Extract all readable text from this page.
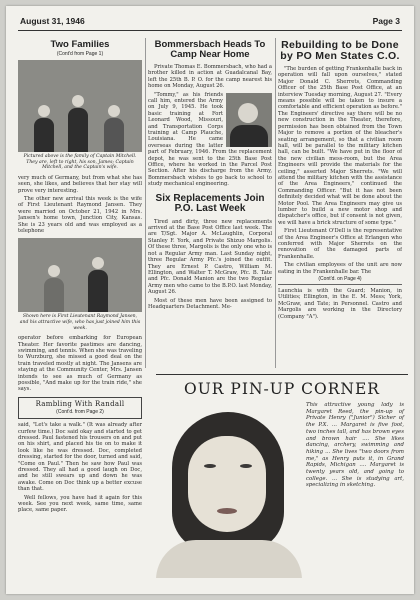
August 31, 1946	Page 3
Two Families
(Cont'd from Page 1)
Pictured above is the family of Captain Mitchell. They are, left to right, his son, James; Captain Mitchell, and the Captain's wife.

very much of Germany, but from what she has seen, she likes, and believes that her stay will prove very interesting.

The other new arrival this week is the wife of First Lieutenant Raymond Jansen. They were married on October 21, 1942 in Mrs. Jansen's home town, Junction City, Kansas. She is 23 years old and was employed as a telephone

Shown here is First Lieutenant Raymond Jansen, and his attractive wife, who has just joined him this week.

operator before embarking for European Theater. Her favorite pastimes are dancing, swimming, and tennis. When she was traveling to Wurzburg, she missed a good deal on the train traveled mostly at night. The Jansens are staying at the Community Center, Mrs. Jansen intends to see as much of Germany as possible, "And make up for the train ride," she says.

Rambling With Randall
(Cont'd. from Page 2)

said, "Let's take a walk." (It was already after curfew time.) Doc said okay and started to get dressed. Paul fastened his trousers on and put on his shirt, and placed his tie on to make it look like he was dressed. Doc, completed dressing, started for the door, turned and said, "Come on Paul." Then he saw how Paul was dressed. They all had a good laugh on Doc, and he still swears up and down he was awake. Come on Doc think up a better excuse than that.

Well fellows, you have had it again for this week. See you next week, same time, same place, same paper.

Bommersbach Heads To Camp Near Home

Private Thomas E. Bommersbach, who had a brother killed in action at Guadalcanal Bay, left the 25th B. P. O. for the camp nearest his home on Monday, August 26.

"Tommy," as his friends call him, entered the Army on July 9, 1945. He took basic training at Fort Leonard Wood, Missouri, and Transportation Corps training at Camp Plauche, Louisiana. He came overseas during the latter part of February, 1946. From the replacement depot, he was sent to the 25th Base Post Office, where he worked in the Parcel Post Section. After his discharge from the Army, Bommersbach wishes to go back to school to study mechanical engineering.

Six Replacements Join P.O. Last Week

Tired and dirty, three new replacements arrived at the Base Post Office last week. The are T/Sgt. Major A. McLaughlin, Corporal Stanley F. York, and Private Shizuo Margolis. Of these three, Margolis is the only one who is not a Regular Army man. Last Sunday night, three Regular Army Pfc.'s joined the outfit. They are Ernest P. Castro, William M. Ellington, and Walter T. McGraw, Pfc. B. Tate and Pfc. Donald Manion are the two Regular Army men who came to the B.P.O. last Monday, August 26.

Most of these men have been assigned to Headquarters Detachment. Me-

Rebuilding to be Done by PO Men States C.O.

"The burden of getting Frankenhalle back in operation will fall upon ourselves," stated Major Donald C. Sherrets, Commanding Officer of the 25th Base Post Office, at an interview Tuesday morning, August 27. "Every means possible will be taken to insure a comfortable and efficient operation as before." The Engineers' directive say there will be no new construction in the Theater, therefore, permission has been obtained from the Town Major to remove a portion of the bleacher's seating arrangement, so that a civilian room hall, will be parallel to the military kitchen hall, can be built. "We have put in the floor of the new civilian mess-room, but the Area Engineers will provide the materials for the ceiling," asserted Major Sherrets. "We will attend the military kitchen with the assistance of the Area Engineers," continued the Commanding Officer. "But it has not been definitely decided what will be done about the Motor Pool. The Area Engineers may give us lumber to build a new motor shop and dispatcher's office, but if consent is not given, we will have a brick structure of some type."

First Lieutenant O'Dell is the representative of the Area Engineer's Office at Erlangen who conferred with Major Sherrets on the renovation of the damaged parts of Frankenhalle.

The civilian employees of the unit are now eating in the Frankenhalle bar. The

(Cont'd. on Page 4)

Launchia is with the Guard; Manion, in Utilities; Ellington, in the E. M. Mess; York, McGraw, and Tate; in Personnel. Castro and Margolis are working in the Directory (Company "A").

OUR PIN-UP CORNER

This attractive young lady is Margaret Reed, the pin-up of Private Henry ("Junior") Sicher of the P.X. ... Margaret is five foot, two inches tall, and has brown eyes and brown hair .... She likes dancing, archery, swimming and hiking ... She lives "two doors from me," as Henry puts it, in Grand Rapids, Michigan .... Margaret is twenty years old, and going to college. ... She is studying art, specializing in sketching.
